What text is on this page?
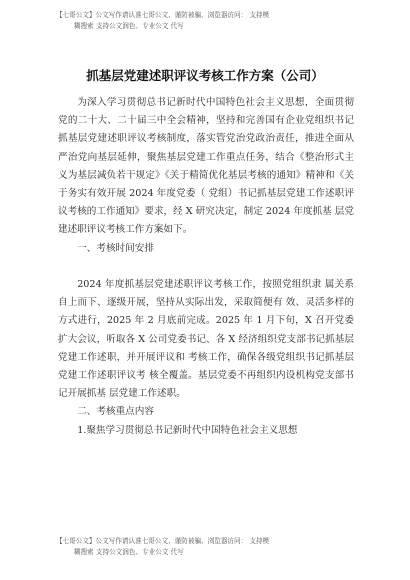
【七哥公文】公文写作请认准七哥公文、谨防被骗、浏览器访问： 支持模
糊搜索 支持公文润色、专业公文 代写
抓基层党建述职评议考核工作方案（公司）

为深入学习贯彻总书记新时代中国特色社会主义思想，全面贯彻党的二十大、二十届三中全会精神，坚持和完善国有企业党组织书记抓基层党建述职评议考核制度，落实管党治党政治责任，推进全面从严治党向基层延伸，聚焦基层党建工作重点任务，结合《整治形式主义为基层减负若干规定》《关于精简优化基层考核的通知》精神和《关于务实有效开展 2024 年度党委（ 党组）书记抓基层党建工作述职评议考核的工作通知》要求，经 X 研究决定，制定 2024 年度抓基 层党建述职评议考核工作方案如下。

一、考核时间安排

2024 年度抓基层党建述职评议考核工作，按照党组织隶 属关系自上而下、逐级开展，坚持从实际出发，采取简便有 效、灵活多样的方式进行，2025 年 2 月底前完成。2025 年 1 月下旬，X 召开党委扩大会议，听取各 X 公司党委书记、各 X 经济组织党支部书记抓基层党建工作述职，并开展评议和 考核工作，确保各级党组织书记抓基层党建工作述职评议考 核全覆盖。基层党委不再组织内设机构党支部书记开展抓基 层党建工作述职。

二、考核重点内容

1.聚焦学习贯彻总书记新时代中国特色社会主义思想

【七哥公文】公文写作请认准七哥公文、谨防被骗、浏览器访问： 支持模
糊搜索 支持公文润色、专业公文 代写
